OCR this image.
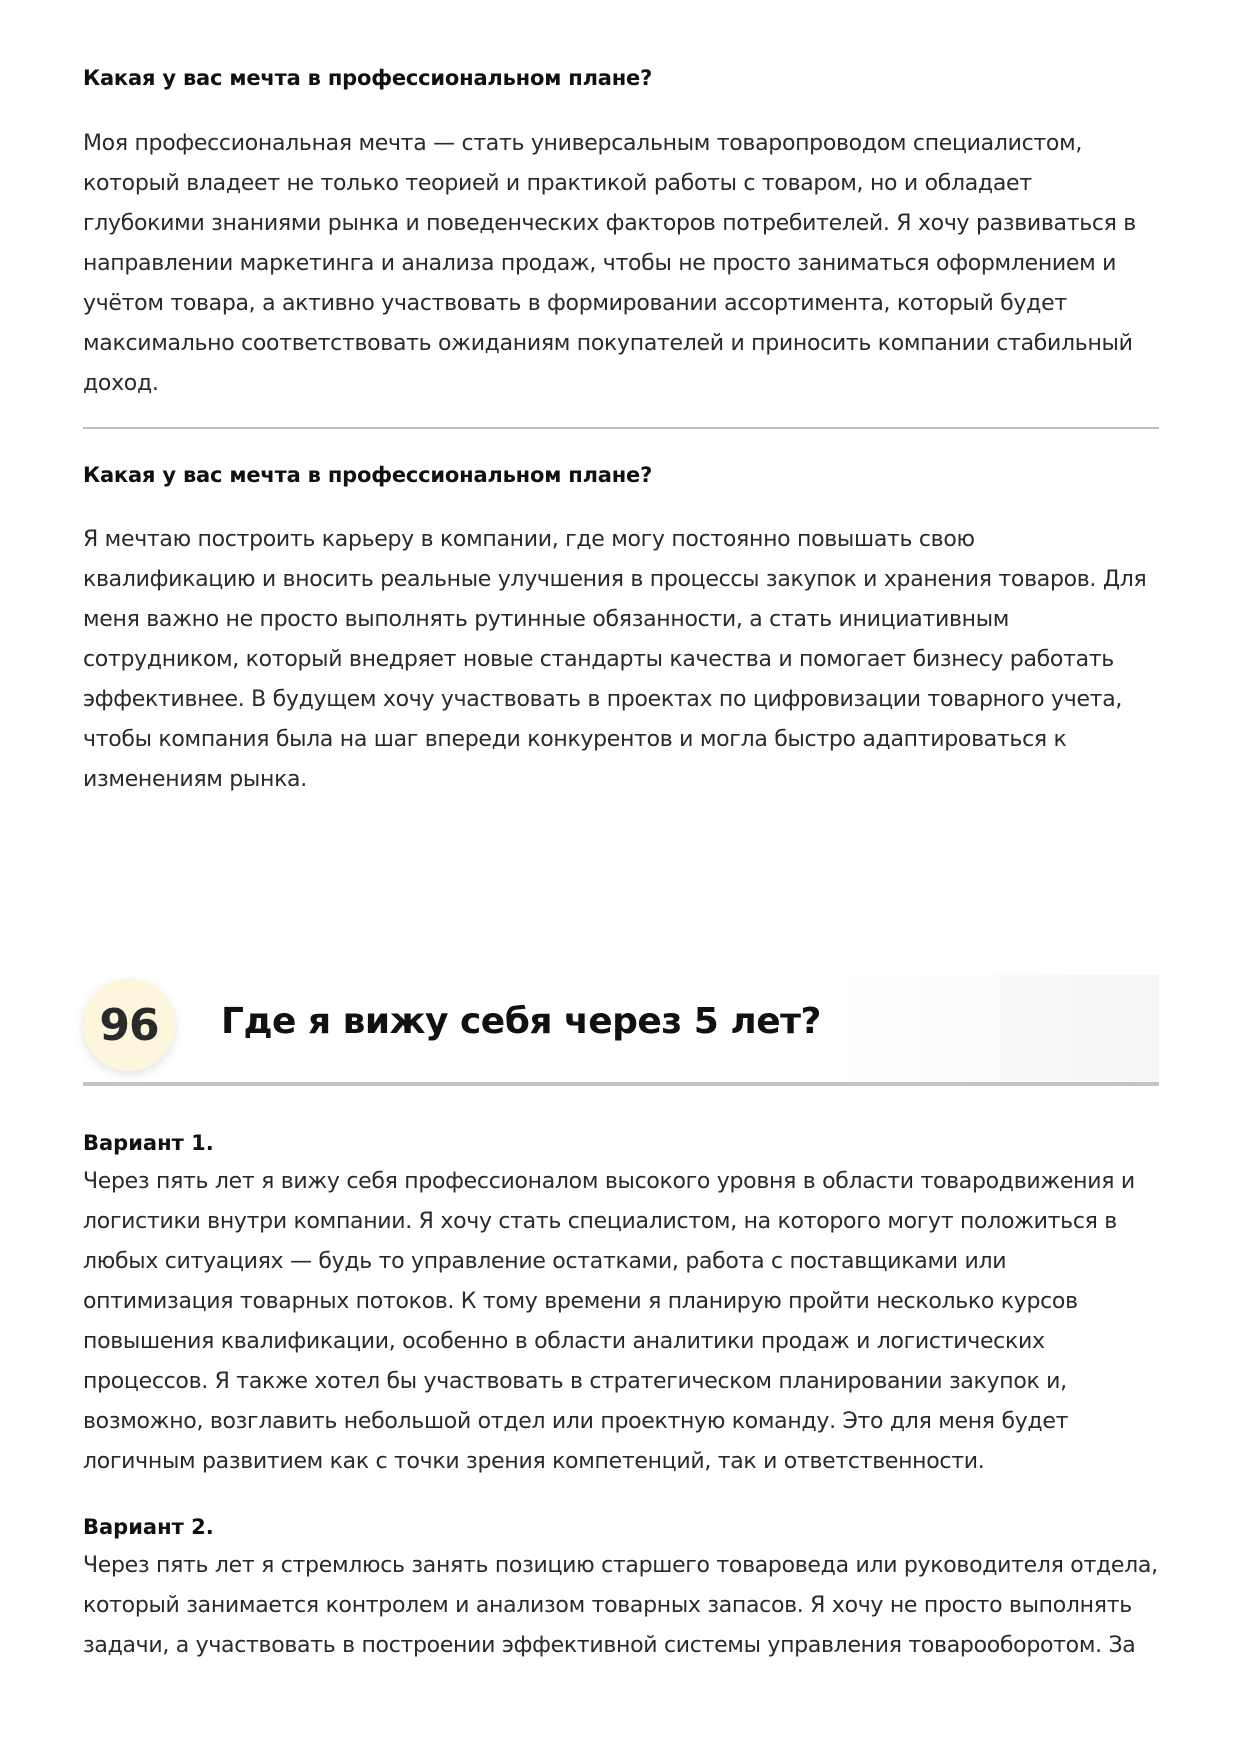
Какая у вас мечта в профессиональном плане?
Моя профессиональная мечта — стать универсальным товаропроводом специалистом,
который владеет не только теорией и практикой работы с товаром, но и обладает
глубокими знаниями рынка и поведенческих факторов потребителей. Я хочу развиваться в
направлении маркетинга и анализа продаж, чтобы не просто заниматься оформлением и
учётом товара, а активно участвовать в формировании ассортимента, который будет
максимально соответствовать ожиданиям покупателей и приносить компании стабильный
доход.
Какая у вас мечта в профессиональном плане?
Я мечтаю построить карьеру в компании, где могу постоянно повышать свою
квалификацию и вносить реальные улучшения в процессы закупок и хранения товаров. Для
меня важно не просто выполнять рутинные обязанности, а стать инициативным
сотрудником, который внедряет новые стандарты качества и помогает бизнесу работать
эффективнее. В будущем хочу участвовать в проектах по цифровизации товарного учета,
чтобы компания была на шаг впереди конкурентов и могла быстро адаптироваться к
изменениям рынка.
96	Где я вижу себя через 5 лет?
Вариант 1.
Через пять лет я вижу себя профессионалом высокого уровня в области товародвижения и
логистики внутри компании. Я хочу стать специалистом, на которого могут положиться в
любых ситуациях — будь то управление остатками, работа с поставщиками или
оптимизация товарных потоков. К тому времени я планирую пройти несколько курсов
повышения квалификации, особенно в области аналитики продаж и логистических
процессов. Я также хотел бы участвовать в стратегическом планировании закупок и,
возможно, возглавить небольшой отдел или проектную команду. Это для меня будет
логичным развитием как с точки зрения компетенций, так и ответственности.
Вариант 2.
Через пять лет я стремлюсь занять позицию старшего товароведа или руководителя отдела,
который занимается контролем и анализом товарных запасов. Я хочу не просто выполнять
задачи, а участвовать в построении эффективной системы управления товарооборотом. За
